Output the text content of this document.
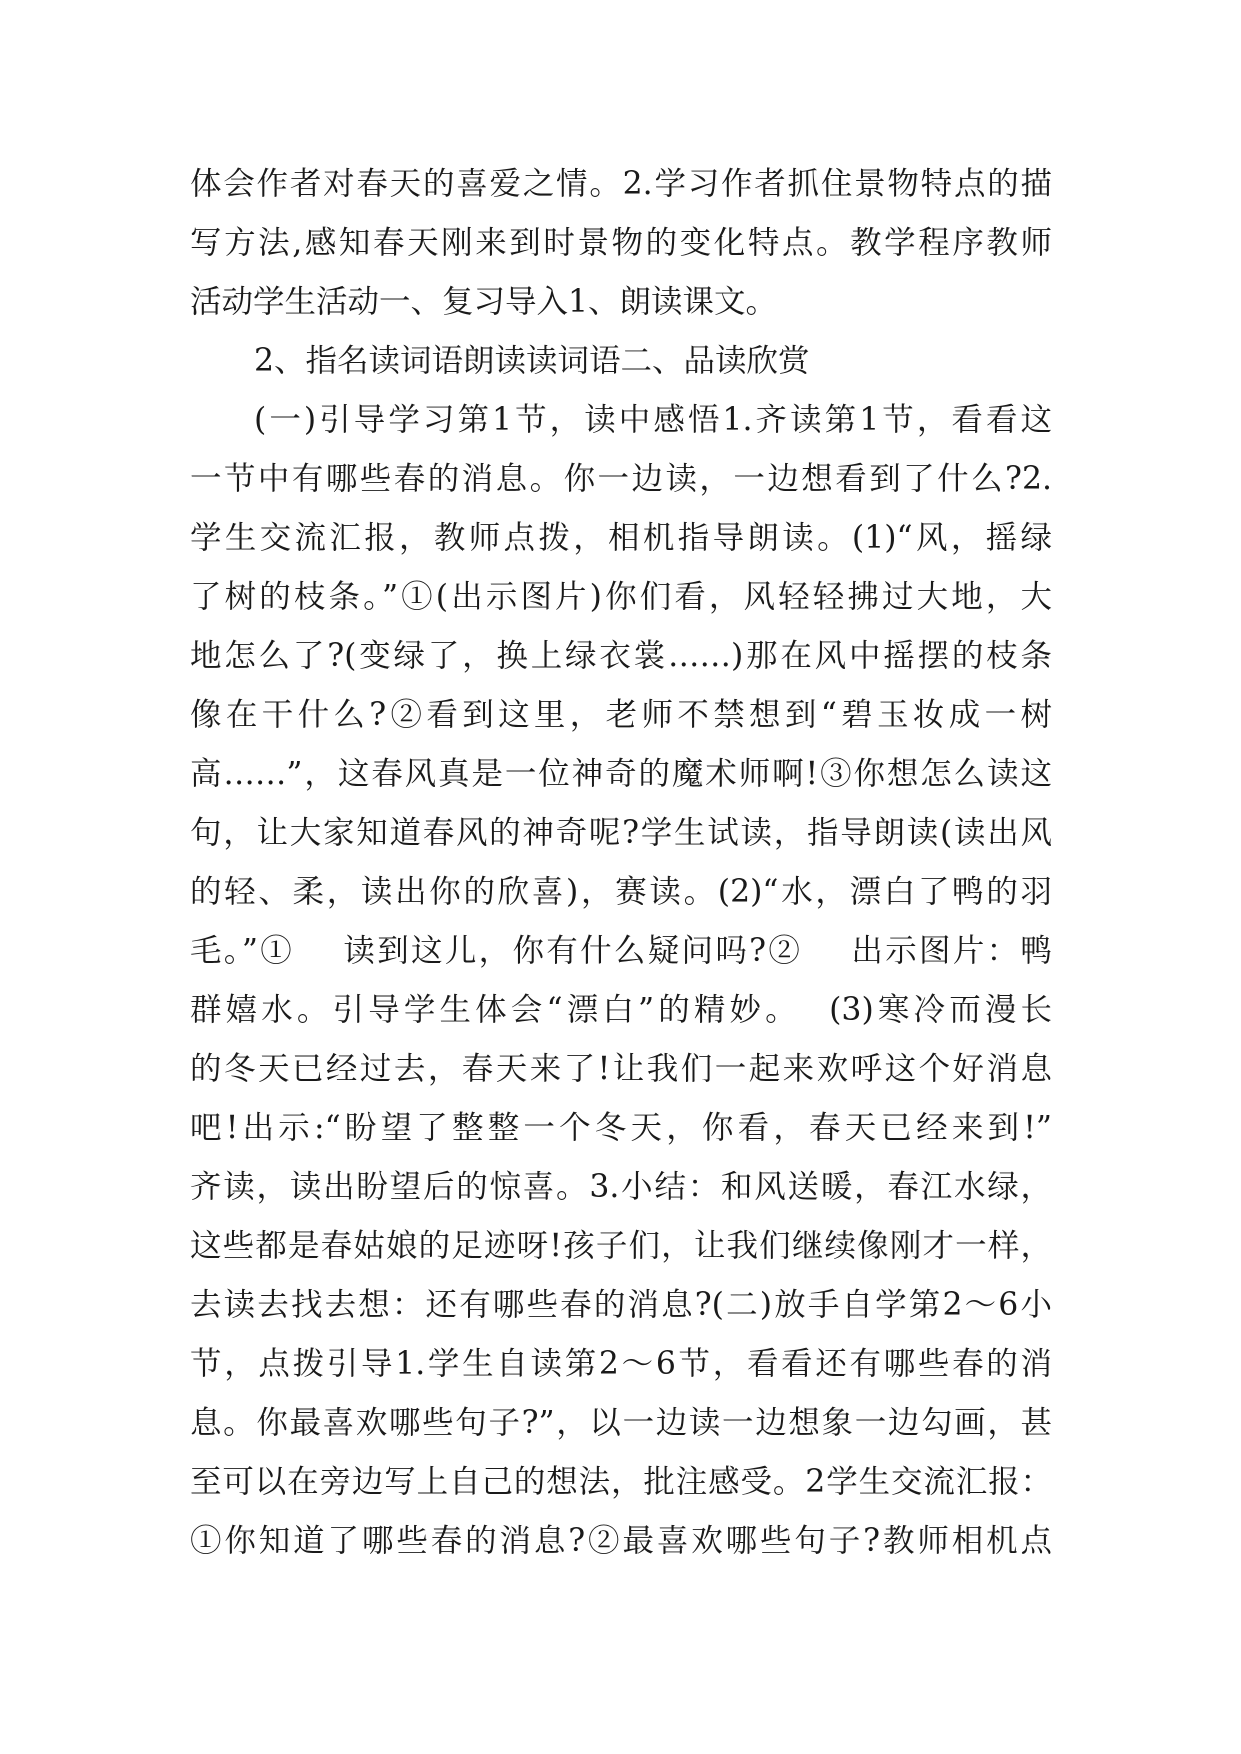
体会作者对春天的喜爱之情。2.学习作者抓住景物特点的描
写方法,感知春天刚来到时景物的变化特点。教学程序教师
活动学生活动一、复习导入1、朗读课文。
2、指名读词语朗读读词语二、品读欣赏
(一)引导学习第1节，读中感悟1.齐读第1节，看看这
一节中有哪些春的消息。你一边读，一边想看到了什么?2.
学生交流汇报，教师点拨，相机指导朗读。(1)“风，摇绿
了树的枝条。”①(出示图片)你们看，风轻轻拂过大地，大
地怎么了?(变绿了，换上绿衣裳……)那在风中摇摆的枝条
像在干什么?②看到这里，老师不禁想到“碧玉妆成一树
高……”，这春风真是一位神奇的魔术师啊!③你想怎么读这
句，让大家知道春风的神奇呢?学生试读，指导朗读(读出风
的轻、柔，读出你的欣喜)，赛读。(2)“水，漂白了鸭的羽
毛。”①    读到这儿，你有什么疑问吗?②    出示图片：鸭
群嬉水。引导学生体会“漂白”的精妙。  (3)寒冷而漫长
的冬天已经过去，春天来了!让我们一起来欢呼这个好消息
吧!出示:“盼望了整整一个冬天，你看，春天已经来到!”
齐读，读出盼望后的惊喜。3.小结：和风送暖，春江水绿，
这些都是春姑娘的足迹呀!孩子们，让我们继续像刚才一样，
去读去找去想：还有哪些春的消息?(二)放手自学第2～6小
节，点拨引导1.学生自读第2～6节，看看还有哪些春的消
息。你最喜欢哪些句子?”，以一边读一边想象一边勾画，甚
至可以在旁边写上自己的想法，批注感受。2学生交流汇报：
①你知道了哪些春的消息?②最喜欢哪些句子?教师相机点
